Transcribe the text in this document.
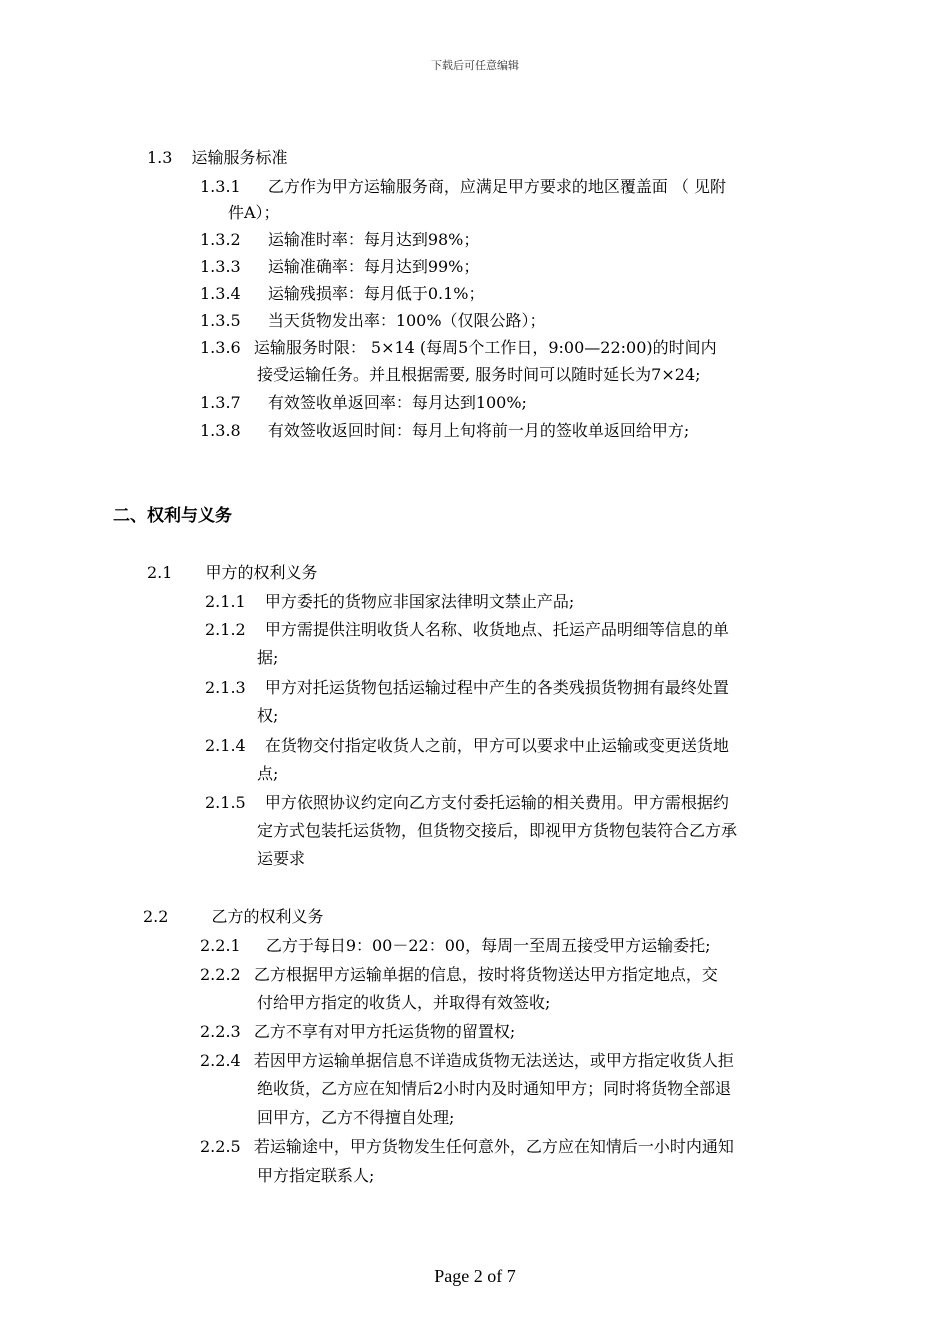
下载后可任意编辑
1.3 运输服务标准
1.3.1 乙方作为甲方运输服务商，应满足甲方要求的地区覆盖面 （ 见附
件A）；
1.3.2 运输准时率：每月达到98%；
1.3.3 运输准确率：每月达到99%；
1.3.4 运输残损率：每月低于0.1%；
1.3.5 当天货物发出率：100%（仅限公路）；
1.3.6 运输服务时限： 5×14 (每周5个工作日，9:00—22:00)的时间内
接受运输任务。并且根据需要, 服务时间可以随时延长为7×24;
1.3.7 有效签收单返回率：每月达到100%;
1.3.8 有效签收返回时间：每月上旬将前一月的签收单返回给甲方;
二、权利与义务
2.1 甲方的权利义务
2.1.1 甲方委托的货物应非国家法律明文禁止产品;
2.1.2 甲方需提供注明收货人名称、收货地点、托运产品明细等信息的单
据;
2.1.3 甲方对托运货物包括运输过程中产生的各类残损货物拥有最终处置
权;
2.1.4 在货物交付指定收货人之前，甲方可以要求中止运输或变更送货地
点;
2.1.5 甲方依照协议约定向乙方支付委托运输的相关费用。甲方需根据约
定方式包装托运货物，但货物交接后，即视甲方货物包装符合乙方承
运要求
2.2	乙方的权利义务
2.2.1 乙方于每日9：00－22：00，每周一至周五接受甲方运输委托;
2.2.2 乙方根据甲方运输单据的信息，按时将货物送达甲方指定地点，交
付给甲方指定的收货人，并取得有效签收;
2.2.3 乙方不享有对甲方托运货物的留置权;
2.2.4 若因甲方运输单据信息不详造成货物无法送达，或甲方指定收货人拒
绝收货，乙方应在知情后2小时内及时通知甲方；同时将货物全部退
回甲方，乙方不得擅自处理;
2.2.5 若运输途中，甲方货物发生任何意外，乙方应在知情后一小时内通知
甲方指定联系人;
Page 2 of 7
